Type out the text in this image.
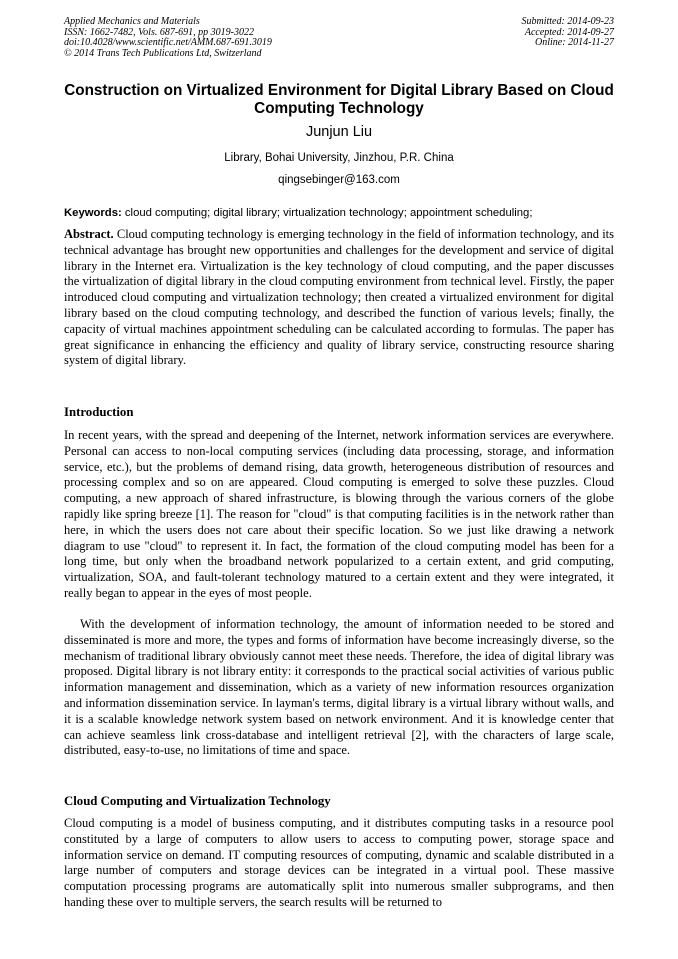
Applied Mechanics and Materials
ISSN: 1662-7482, Vols. 687-691, pp 3019-3022
doi:10.4028/www.scientific.net/AMM.687-691.3019
© 2014 Trans Tech Publications Ltd, Switzerland
Submitted: 2014-09-23
Accepted: 2014-09-27
Online: 2014-11-27
Construction on Virtualized Environment for Digital Library Based on Cloud Computing Technology
Junjun Liu
Library, Bohai University, Jinzhou, P.R. China
qingsebinger@163.com
Keywords: cloud computing; digital library; virtualization technology; appointment scheduling;
Abstract. Cloud computing technology is emerging technology in the field of information technology, and its technical advantage has brought new opportunities and challenges for the development and service of digital library in the Internet era. Virtualization is the key technology of cloud computing, and the paper discusses the virtualization of digital library in the cloud computing environment from technical level. Firstly, the paper introduced cloud computing and virtualization technology; then created a virtualized environment for digital library based on the cloud computing technology, and described the function of various levels; finally, the capacity of virtual machines appointment scheduling can be calculated according to formulas. The paper has great significance in enhancing the efficiency and quality of library service, constructing resource sharing system of digital library.
Introduction
In recent years, with the spread and deepening of the Internet, network information services are everywhere. Personal can access to non-local computing services (including data processing, storage, and information service, etc.), but the problems of demand rising, data growth, heterogeneous distribution of resources and processing complex and so on are appeared. Cloud computing is emerged to solve these puzzles. Cloud computing, a new approach of shared infrastructure, is blowing through the various corners of the globe rapidly like spring breeze [1]. The reason for "cloud" is that computing facilities is in the network rather than here, in which the users does not care about their specific location. So we just like drawing a network diagram to use "cloud" to represent it. In fact, the formation of the cloud computing model has been for a long time, but only when the broadband network popularized to a certain extent, and grid computing, virtualization, SOA, and fault-tolerant technology matured to a certain extent and they were integrated, it really began to appear in the eyes of most people.
With the development of information technology, the amount of information needed to be stored and disseminated is more and more, the types and forms of information have become increasingly diverse, so the mechanism of traditional library obviously cannot meet these needs. Therefore, the idea of digital library was proposed. Digital library is not library entity: it corresponds to the practical social activities of various public information management and dissemination, which as a variety of new information resources organization and information dissemination service. In layman's terms, digital library is a virtual library without walls, and it is a scalable knowledge network system based on network environment. And it is knowledge center that can achieve seamless link cross-database and intelligent retrieval [2], with the characters of large scale, distributed, easy-to-use, no limitations of time and space.
Cloud Computing and Virtualization Technology
Cloud computing is a model of business computing, and it distributes computing tasks in a resource pool constituted by a large of computers to allow users to access to computing power, storage space and information service on demand. IT computing resources of computing, dynamic and scalable distributed in a large number of computers and storage devices can be integrated in a virtual pool. These massive computation processing programs are automatically split into numerous smaller subprograms, and then handing these over to multiple servers, the search results will be returned to
